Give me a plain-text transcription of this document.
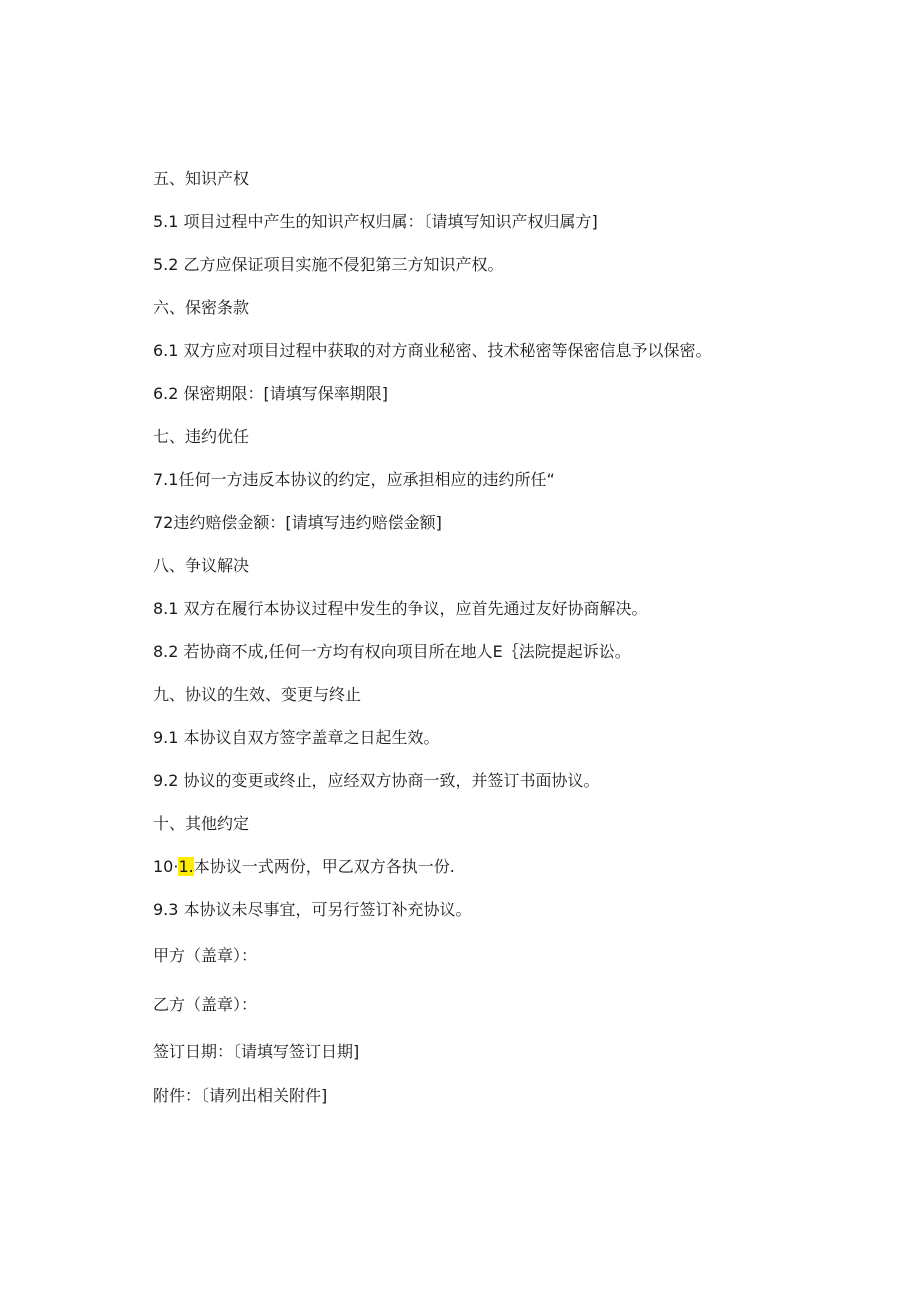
五、知识产权
5.1 项目过程中产生的知识产权归属：〔请填写知识产权归属方]
5.2 乙方应保证项目实施不侵犯第三方知识产权。
六、保密条款
6.1 双方应对项目过程中获取的对方商业秘密、技术秘密等保密信息予以保密。
6.2 保密期限：[请填写保率期限]
七、违约优任
7.1任何一方违反本协议的约定，应承担相应的违约所任“
72违约赔偿金额：[请填写违约赔偿金额]
八、争议解决
8.1 双方在履行本协议过程中发生的争议，应首先通过友好协商解决。
8.2 若协商不成,任何一方均有权向项目所在地人E｛法院提起诉讼。
九、协议的生效、变更与终止
9.1 本协议自双方签字盖章之日起生效。
9.2 协议的变更或终止，应经双方协商一致，并签订书面协议。
十、其他约定
10·1.本协议一式两份，甲乙双方各执一份.
9.3 本协议未尽事宜，可另行签订补充协议。
甲方（盖章）：
乙方（盖章）：
签订日期：〔请填写签订日期]
附件：〔请列出相关附件]
